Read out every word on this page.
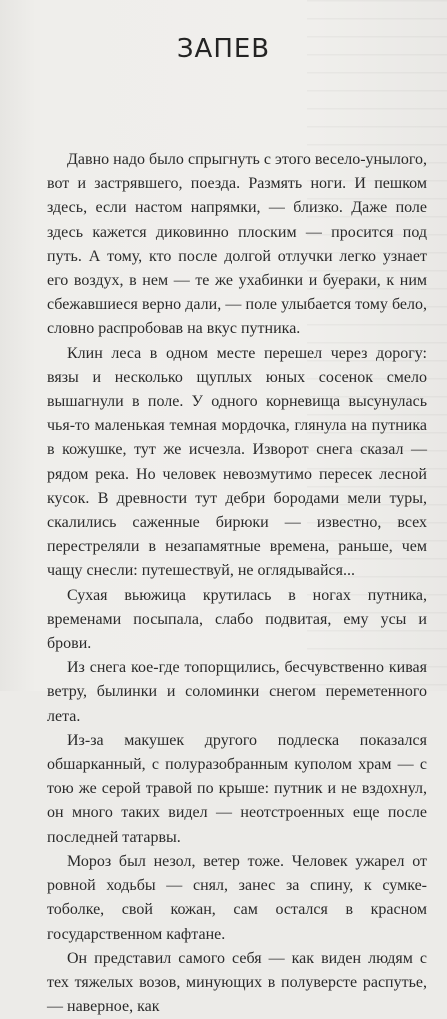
ЗАПЕВ

Давно надо было спрыгнуть с этого весело-унылого, вот и застрявшего, поезда. Размять ноги. И пешком здесь, если настом напрямки, — близко. Даже поле здесь кажется диковинно плоским — просится под путь. А тому, кто после долгой отлучки легко узнает его воздух, в нем — те же ухабинки и буераки, к ним сбежавшиеся верно дали, — поле улыбается тому бело, словно распробовав на вкус путника.

Клин леса в одном месте перешел через дорогу: вязы и несколько щуплых юных сосенок смело вышагнули в поле. У одного корневища высунулась чья-то маленькая темная мордочка, глянула на путника в кожушке, тут же исчезла. Изворот снега сказал — рядом река. Но человек невозмутимо пересек лесной кусок. В древности тут дебри бородами мели туры, скалились саженные бирюки — известно, всех перестреляли в незапамятные времена, раньше, чем чащу снесли: путешествуй, не оглядывайся...

Сухая вьюжица крутилась в ногах путника, временами посыпала, слабо подвитая, ему усы и брови.

Из снега кое-где топорщились, бесчувственно кивая ветру, былинки и соломинки снегом переметенного лета.

Из-за макушек другого подлеска показался обшарканный, с полуразобранным куполом храм — с тою же серой травой по крыше: путник и не вздохнул, он много таких видел — неотстроенных еще после последней татарвы.

Мороз был незол, ветер тоже. Человек ужарел от ровной ходьбы — снял, занес за спину, к сумке-тоболке, свой кожан, сам остался в красном государственном кафтане.

Он представил самого себя — как виден людям с тех тяжелых возов, минующих в полуверсте распутье, — наверное, как
